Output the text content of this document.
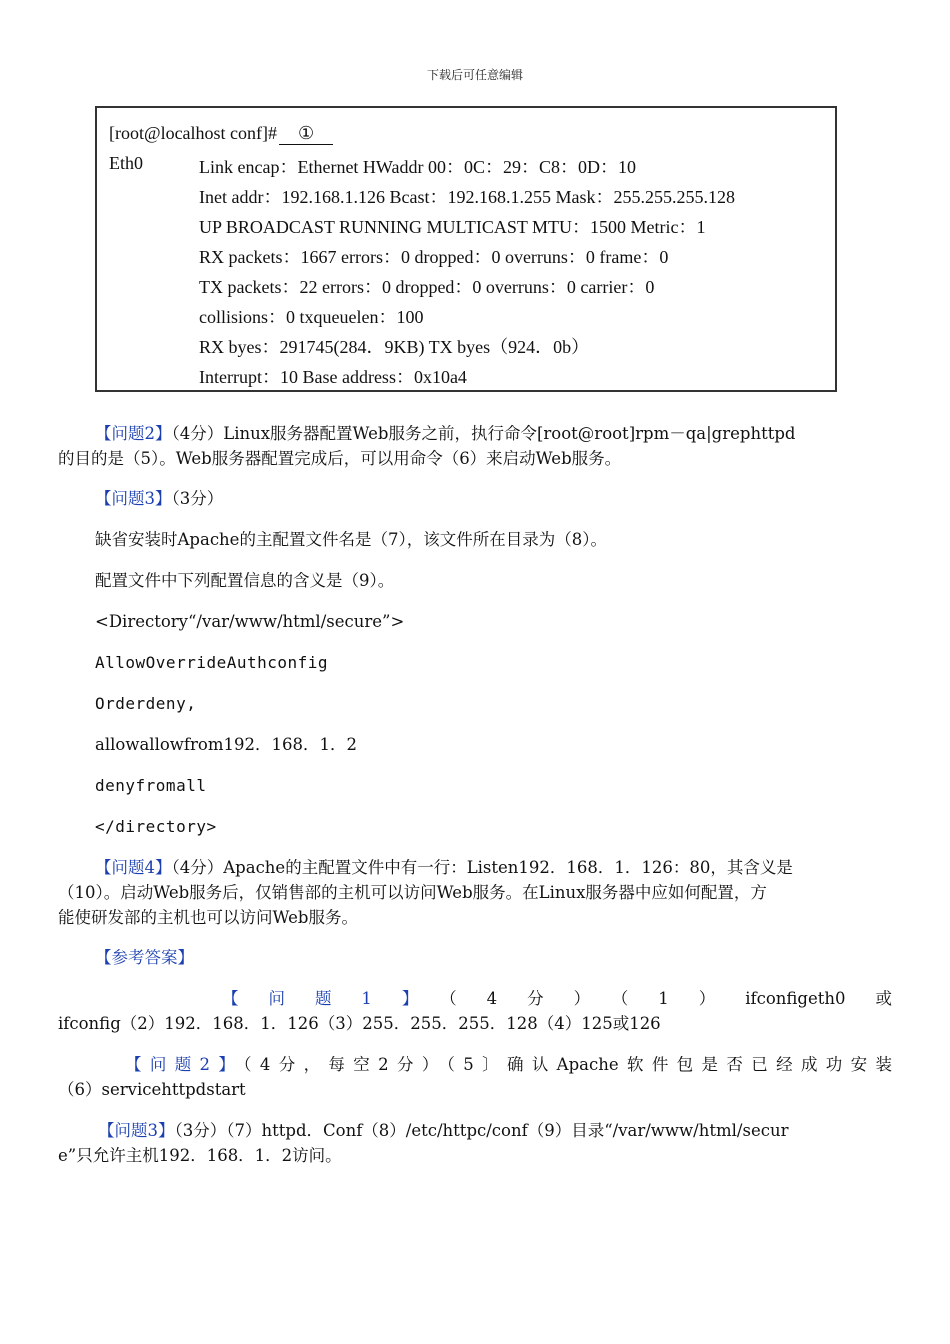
下载后可任意编辑
[root@localhost conf]# ①
Eth0	Link encap：Ethernet HWaddr 00：0C：29：C8：0D：10
Inet addr：192.168.1.126 Bcast：192.168.1.255 Mask：255.255.255.128
UP BROADCAST RUNNING MULTICAST MTU：1500 Metric：1
RX packets：1667 errors：0 dropped：0 overruns：0 frame：0
TX packets：22 errors：0 dropped：0 overruns：0 carrier：0
collisions：0 txqueuelen：100
RX byes：291745(284．9KB) TX byes（924．0b）
Interrupt：10 Base address：0x10a4

【问题2】（4分）Linux服务器配置Web服务之前，执行命令[root@root]rpm－qa|grephttpd

的目的是（5）。Web服务器配置完成后，可以用命令（6）来启动Web服务。

【问题3】（3分）

缺省安装时Apache的主配置文件名是（7），该文件所在目录为（8）。

配置文件中下列配置信息的含义是（9）。

<Directory“/var/www/html/secure”>

AllowOverrideAuthconfig

Orderdeny,

allowallowfrom192．168．1．2

denyfromall

</directory>

【问题4】（4分）Apache的主配置文件中有一行：Listen192．168．1．126：80，其含义是

（10）。启动Web服务后，仅销售部的主机可以访问Web服务。在Linux服务器中应如何配置，方

能使研发部的主机也可以访问Web服务。

【参考答案】

【问题1】（4分）（1）ifconfigeth0或

ifconfig（2）192．168．1．126（3）255．255．255．128（4）125或126

【问题2】（4分，每空2分）（5〕确认Apache软件包是否已经成功安装

（6）servicehttpdstart

【问题3】（3分）（7）httpd．Conf（8）/etc/httpc/conf（9）目录“/var/www/html/secur

e”只允许主机192．168．1．2访问。
